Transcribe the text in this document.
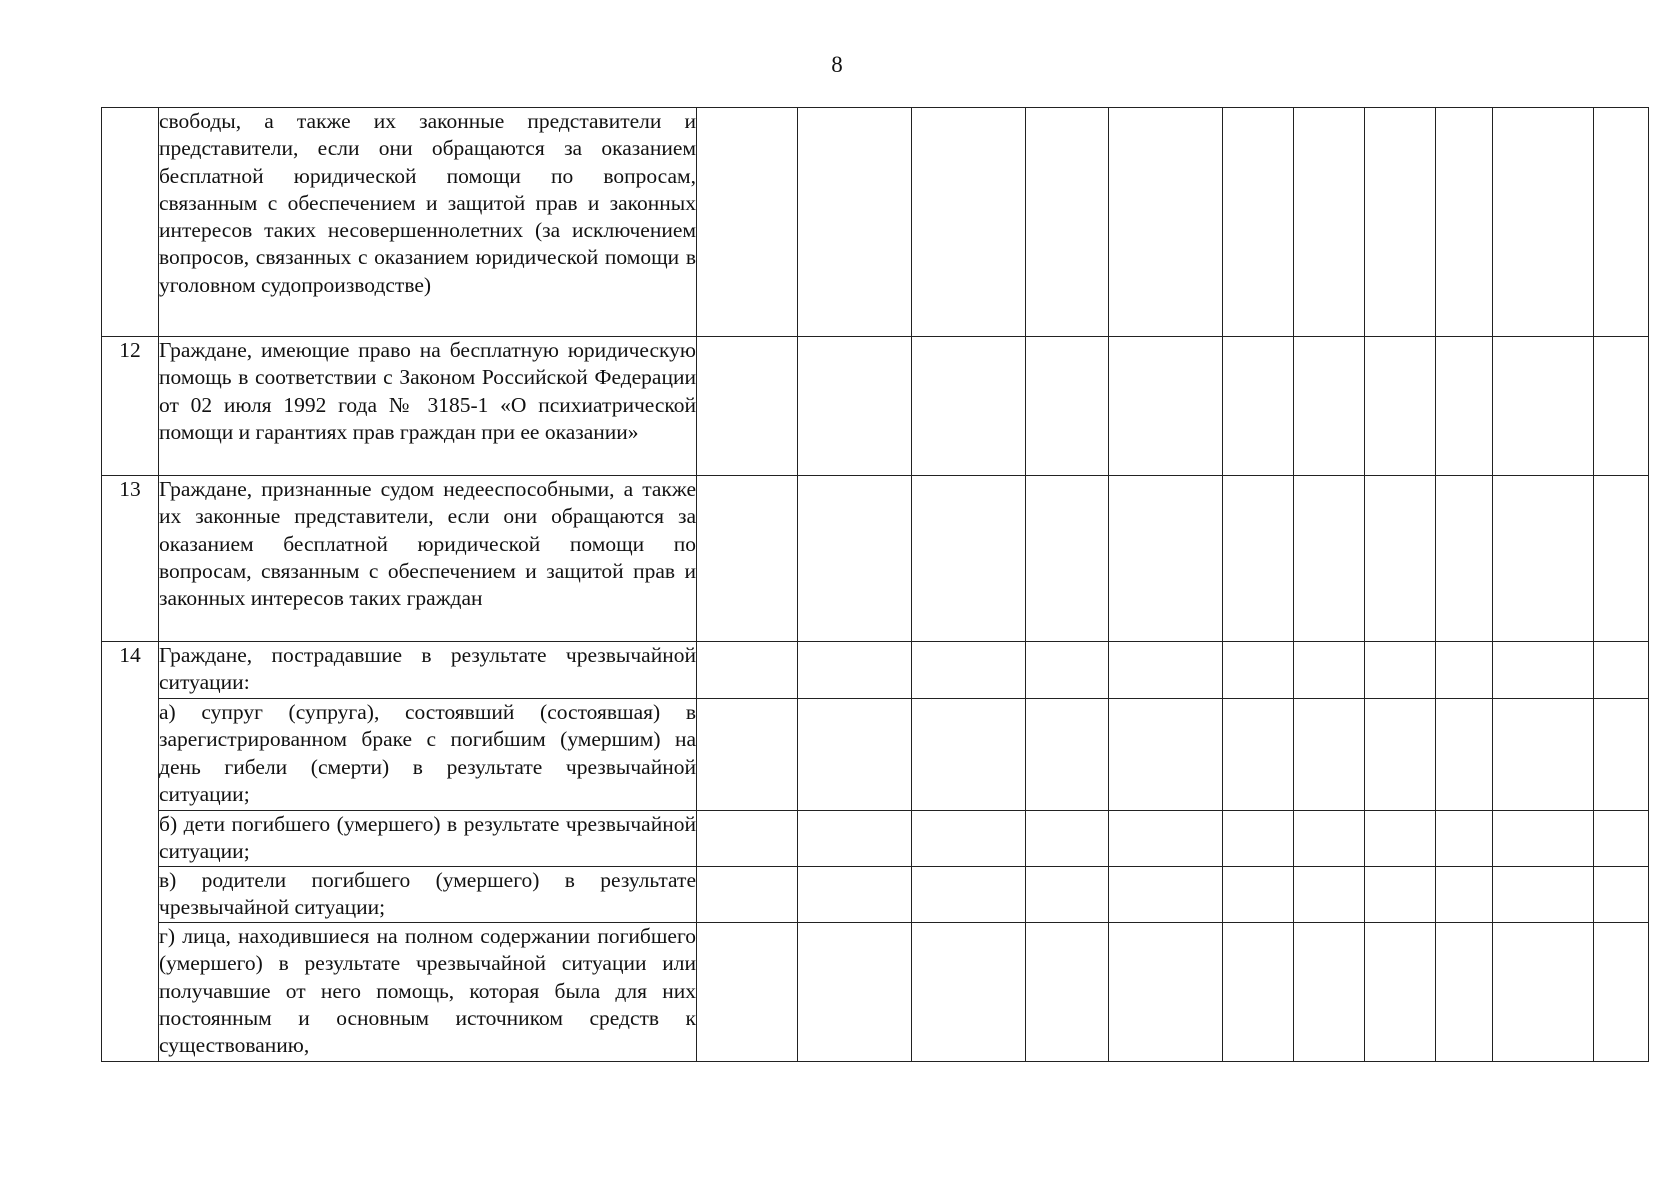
8
	свободы, а также их законные представители и представители, если они обращаются за оказанием бесплатной юридической помощи по вопросам, связанным с обеспечением и защитой прав и законных интересов таких несовершеннолетних (за исключением вопросов, связанных с оказанием юридической помощи в уголовном судопроизводстве)											
12	Граждане, имеющие право на бесплатную юридическую помощь в соответствии с Законом Российской Федерации от 02 июля 1992 года № 3185-1 «О психиатрической помощи и гарантиях прав граждан при ее оказании»											
13	Граждане, признанные судом недееспособными, а также их законные представители, если они обращаются за оказанием бесплатной юридической помощи по вопросам, связанным с обеспечением и защитой прав и законных интересов таких граждан											
14	Граждане, пострадавшие в результате чрезвычайной ситуации:											
	а) супруг (супруга), состоявший (состоявшая) в зарегистрированном браке с погибшим (умершим) на день гибели (смерти) в результате чрезвычайной ситуации;											
	б) дети погибшего (умершего) в результате чрезвычайной ситуации;											
	в) родители погибшего (умершего) в результате чрезвычайной ситуации;											
	г) лица, находившиеся на полном содержании погибшего (умершего) в результате чрезвычайной ситуации или получавшие от него помощь, которая была для них постоянным и основным источником средств к существованию,											
